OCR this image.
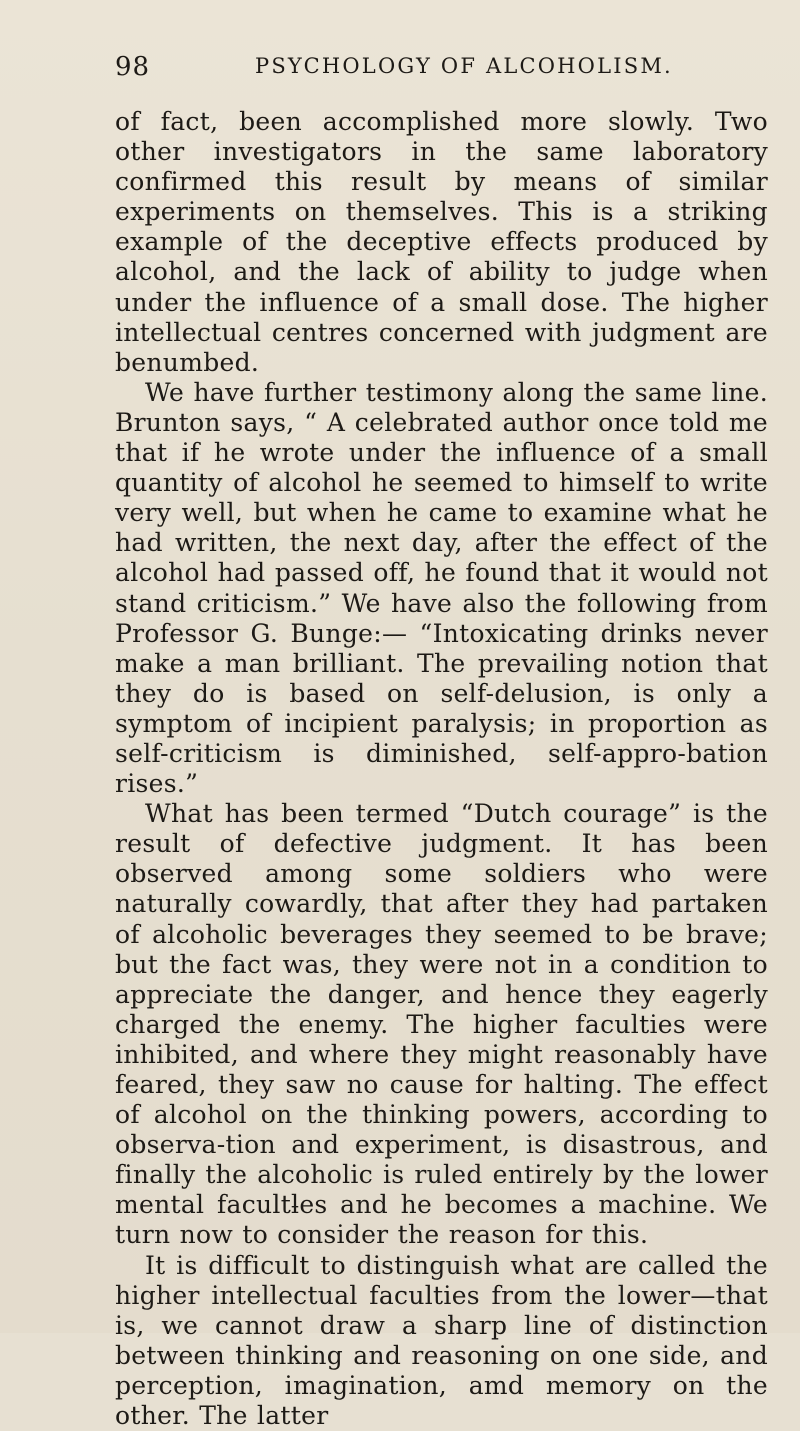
98	PSYCHOLOGY OF ALCOHOLISM.

of fact, been accomplished more slowly. Two other investigators in the same laboratory confirmed this result by means of similar experiments on themselves. This is a striking example of the deceptive effects produced by alcohol, and the lack of ability to judge when under the influence of a small dose. The higher intellectual centres concerned with judgment are benumbed.

We have further testimony along the same line. Brunton says, “ A celebrated author once told me that if he wrote under the influence of a small quantity of alcohol he seemed to himself to write very well, but when he came to examine what he had written, the next day, after the effect of the alcohol had passed off, he found that it would not stand criticism.” We have also the following from Professor G. Bunge:— “Intoxicating drinks never make a man brilliant. The prevailing notion that they do is based on self-delusion, is only a symptom of incipient paralysis; in proportion as self-criticism is diminished, self-appro-bation rises.”

What has been termed “Dutch courage” is the result of defective judgment. It has been observed among some soldiers who were naturally cowardly, that after they had partaken of alcoholic beverages they seemed to be brave; but the fact was, they were not in a condition to appreciate the danger, and hence they eagerly charged the enemy. The higher faculties were inhibited, and where they might reasonably have feared, they saw no cause for halting. The effect of alcohol on the thinking powers, according to observa-tion and experiment, is disastrous, and finally the alcoholic is ruled entirely by the lower mental facultƚes and he becomes a machine. We turn now to consider the reason for this.

It is difficult to distinguish what are called the higher intellectual faculties from the lower—that is, we cannot draw a sharp line of distinction between thinking and reasoning on one side, and perception, imagination, amd memory on the other. The latter
